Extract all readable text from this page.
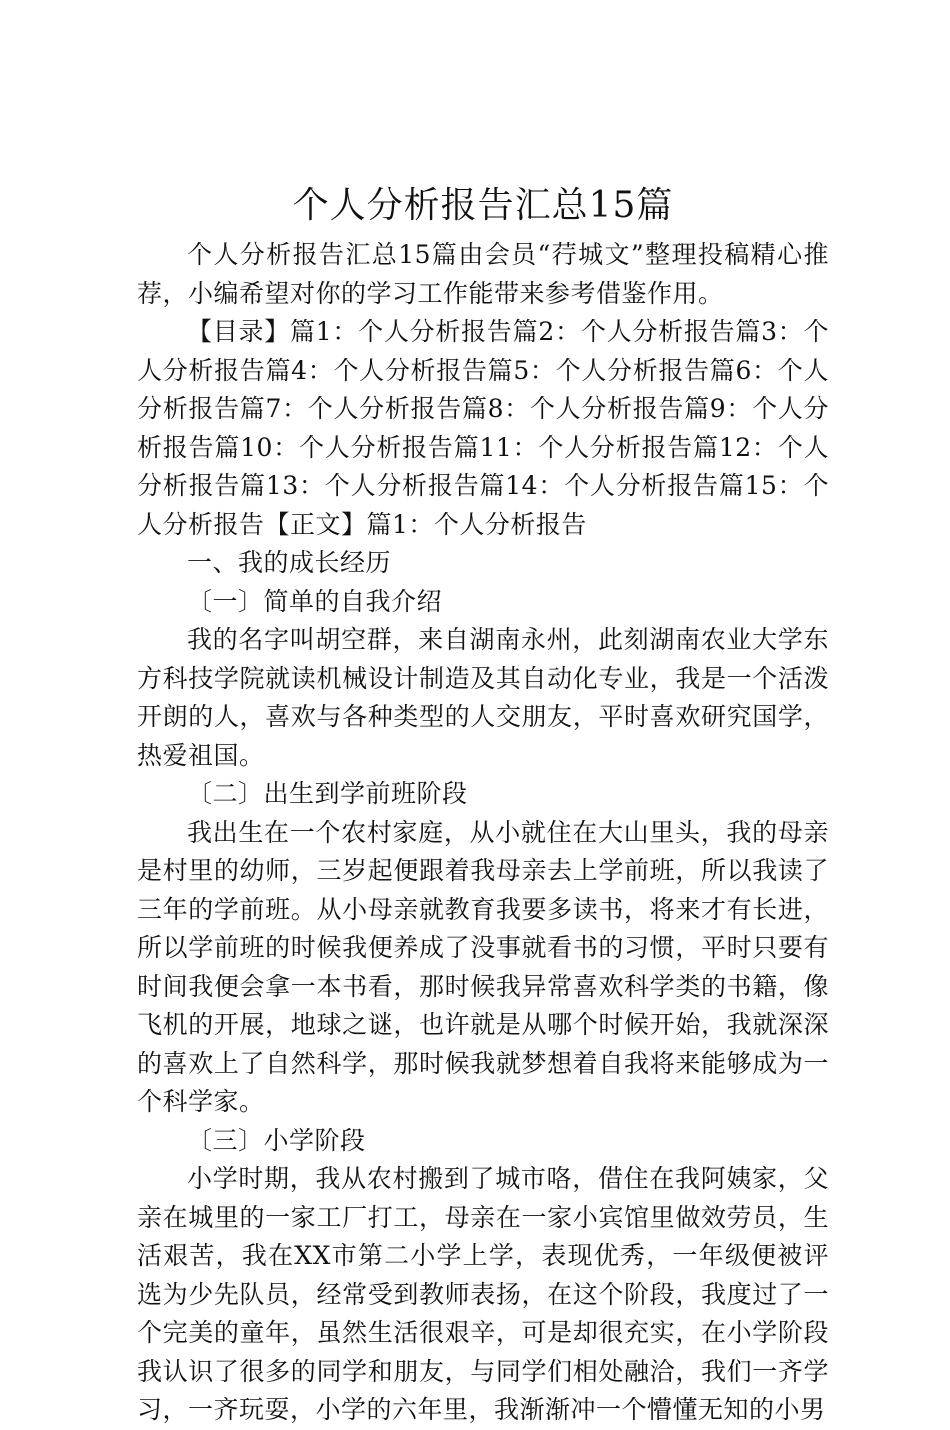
个人分析报告汇总15篇

个人分析报告汇总15篇由会员“荇城文”整理投稿精心推荐，小编希望对你的学习工作能带来参考借鉴作用。

【目录】篇1：个人分析报告篇2：个人分析报告篇3：个人分析报告篇4：个人分析报告篇5：个人分析报告篇6：个人分析报告篇7：个人分析报告篇8：个人分析报告篇9：个人分析报告篇10：个人分析报告篇11：个人分析报告篇12：个人分析报告篇13：个人分析报告篇14：个人分析报告篇15：个人分析报告【正文】篇1：个人分析报告

一、我的成长经历

〔一〕简单的自我介绍

我的名字叫胡空群，来自湖南永州，此刻湖南农业大学东方科技学院就读机械设计制造及其自动化专业，我是一个活泼开朗的人，喜欢与各种类型的人交朋友，平时喜欢研究国学，热爱祖国。

〔二〕出生到学前班阶段

我出生在一个农村家庭，从小就住在大山里头，我的母亲是村里的幼师，三岁起便跟着我母亲去上学前班，所以我读了三年的学前班。从小母亲就教育我要多读书，将来才有长进，所以学前班的时候我便养成了没事就看书的习惯，平时只要有时间我便会拿一本书看，那时候我异常喜欢科学类的书籍，像飞机的开展，地球之谜，也许就是从哪个时候开始，我就深深的喜欢上了自然科学，那时候我就梦想着自我将来能够成为一个科学家。

〔三〕小学阶段

小学时期，我从农村搬到了城市咯，借住在我阿姨家，父亲在城里的一家工厂打工，母亲在一家小宾馆里做效劳员，生活艰苦，我在XX市第二小学上学，表现优秀，一年级便被评选为少先队员，经常受到教师表扬，在这个阶段，我度过了一个完美的童年，虽然生活很艰辛，可是却很充实，在小学阶段我认识了很多的同学和朋友，与同学们相处融洽，我们一齐学习，一齐玩耍，小学的六年里，我渐渐冲一个懵懂无知的小男
